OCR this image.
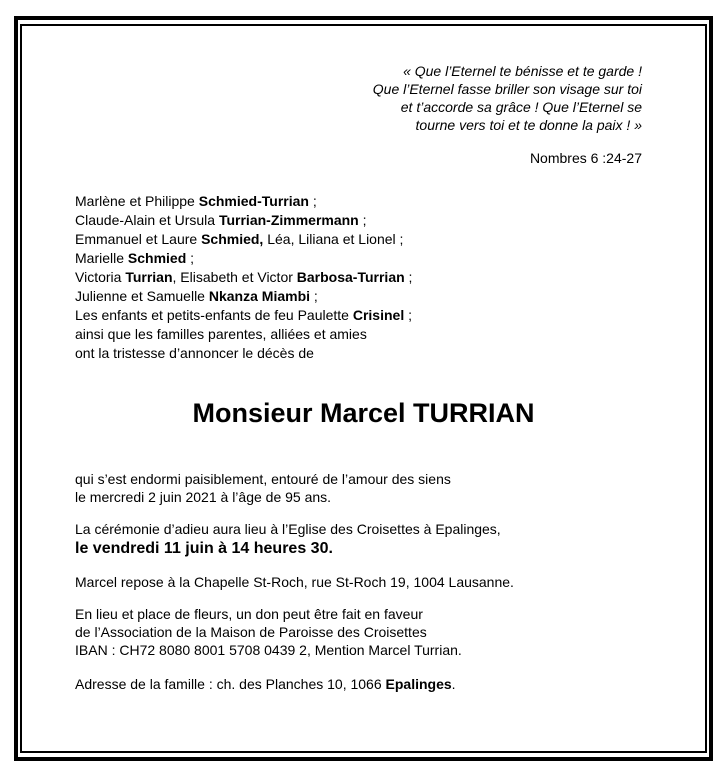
« Que l’Eternel te bénisse et te garde !
Que l’Eternel fasse briller son visage sur toi
et t’accorde sa grâce ! Que l’Eternel se
tourne vers toi et te donne la paix ! »
Nombres 6 :24-27
Marlène et Philippe Schmied-Turrian ;
Claude-Alain et Ursula Turrian-Zimmermann ;
Emmanuel et Laure Schmied, Léa, Liliana et Lionel ;
Marielle Schmied ;
Victoria Turrian, Elisabeth et Victor Barbosa-Turrian ;
Julienne et Samuelle Nkanza Miambi ;
Les enfants et petits-enfants de feu Paulette Crisinel ;
ainsi que les familles parentes, alliées et amies
ont la tristesse d’annoncer le décès de
Monsieur Marcel TURRIAN
qui s’est endormi paisiblement, entouré de l’amour des siens
le mercredi 2 juin 2021 à l’âge de 95 ans.
La cérémonie d’adieu aura lieu à l’Eglise des Croisettes à Epalinges,
le vendredi 11 juin à 14 heures 30.
Marcel repose à la Chapelle St-Roch, rue St-Roch 19, 1004 Lausanne.
En lieu et place de fleurs, un don peut être fait en faveur
de l’Association de la Maison de Paroisse des Croisettes
IBAN : CH72 8080 8001 5708 0439 2, Mention Marcel Turrian.
Adresse de la famille : ch. des Planches 10, 1066 Epalinges.
